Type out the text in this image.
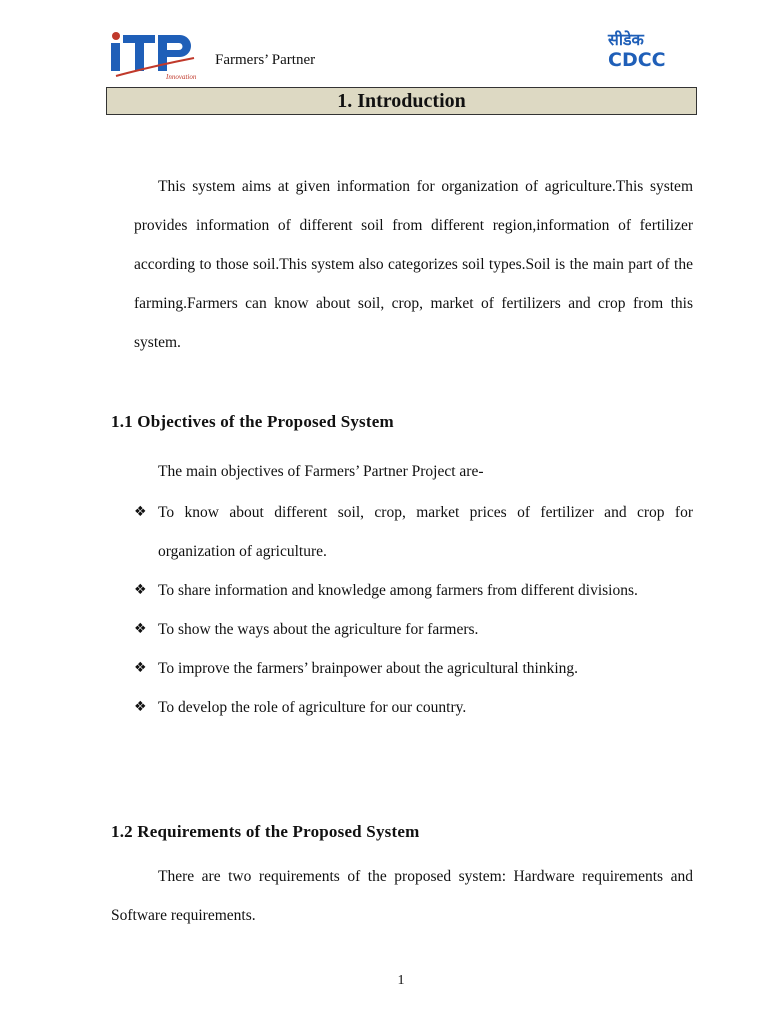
Innovation
Farmers’ Partner
सीडेक
CDCC
1. Introduction
This system aims at given information for organization of agriculture.This system provides information of different soil from different region,information of fertilizer according to those soil.This system also categorizes soil types.Soil is the main part of the farming.Farmers can know about soil, crop, market of fertilizers and crop from this system.
1.1 Objectives of the Proposed System
The main objectives of Farmers’ Partner Project are-
❖ To know about different soil, crop, market prices of fertilizer and crop for organization of agriculture.
❖ To share information and knowledge among farmers from different divisions.
❖ To show the ways about the agriculture for farmers.
❖ To improve the farmers’ brainpower about the agricultural thinking.
❖ To develop the role of agriculture for our country.
1.2 Requirements of the Proposed System
There are two requirements of the proposed system: Hardware requirements and Software requirements.
1
